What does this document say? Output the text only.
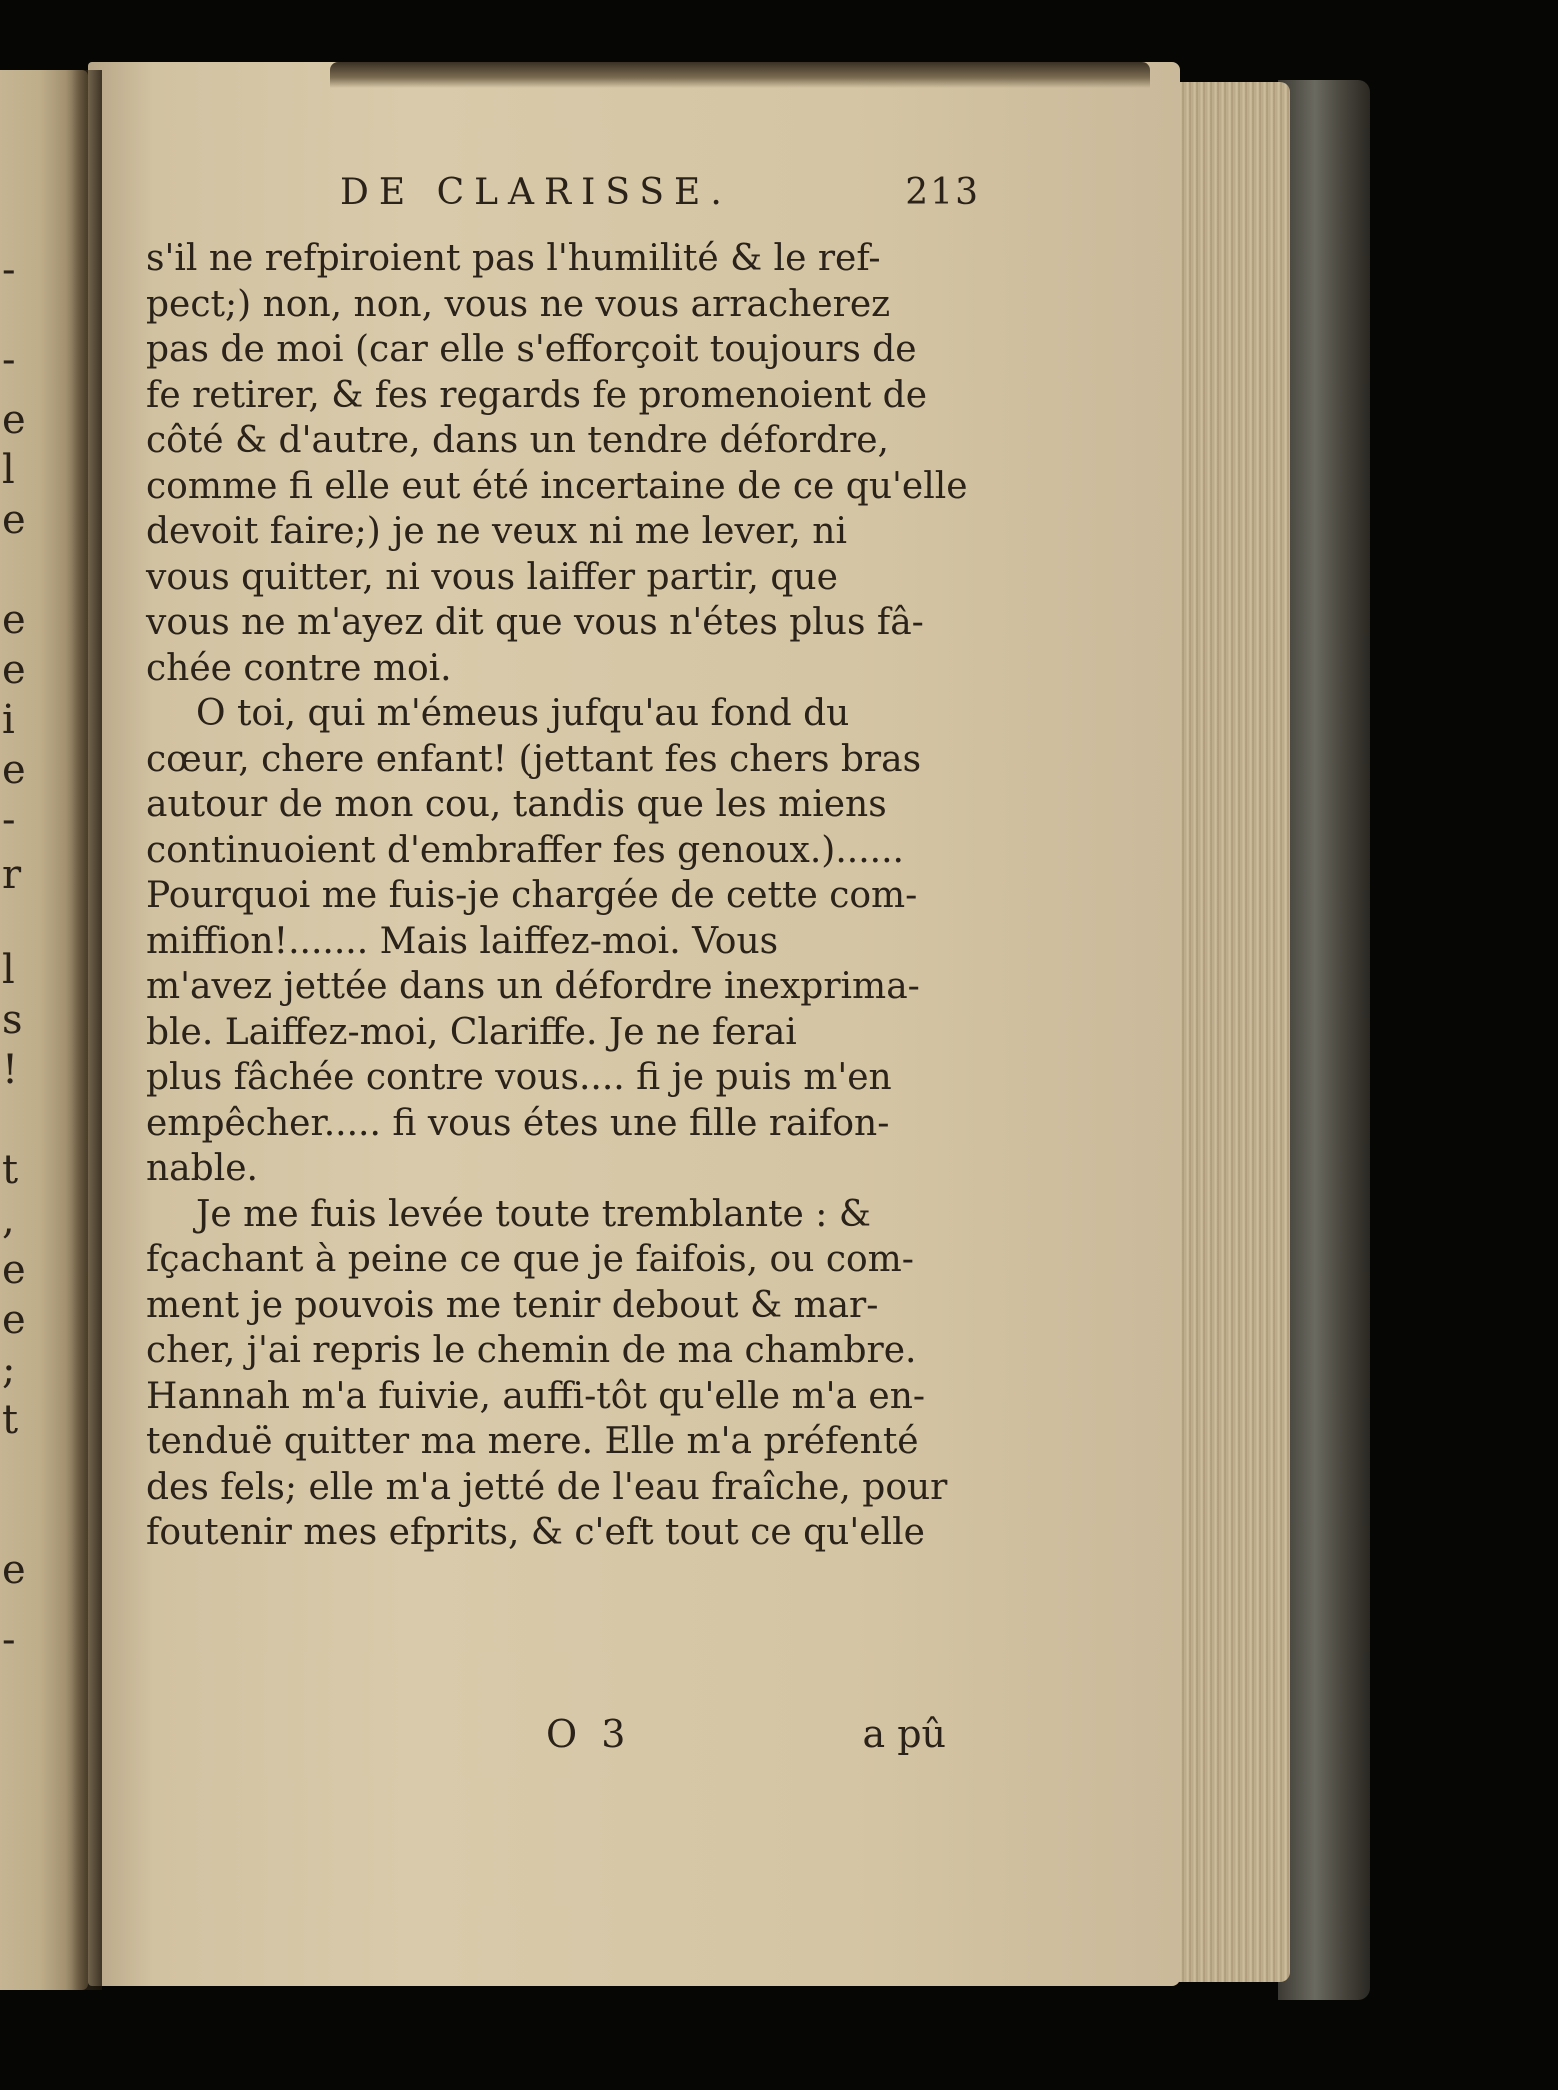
DE CLARISSE.	213
s'il ne refpiroient pas l'humilité & le ref-
pect;) non, non, vous ne vous arracherez
pas de moi (car elle s'efforçoit toujours de
fe retirer, & fes regards fe promenoient de
côté & d'autre, dans un tendre défordre,
comme fi elle eut été incertaine de ce qu'elle
devoit faire;) je ne veux ni me lever, ni
vous quitter, ni vous laiffer partir, que
vous ne m'ayez dit que vous n'étes plus fâ-
chée contre moi.
O toi, qui m'émeus jufqu'au fond du
cœur, chere enfant! (jettant fes chers bras
autour de mon cou, tandis que les miens
continuoient d'embraffer fes genoux.)......
Pourquoi me fuis-je chargée de cette com-
miffion!....... Mais laiffez-moi. Vous
m'avez jettée dans un défordre inexprima-
ble. Laiffez-moi, Clariffe. Je ne ferai
plus fâchée contre vous.... fi je puis m'en
empêcher..... fi vous étes une fille raifon-
nable.
Je me fuis levée toute tremblante : &
fçachant à peine ce que je faifois, ou com-
ment je pouvois me tenir debout & mar-
cher, j'ai repris le chemin de ma chambre.
Hannah m'a fuivie, auffi-tôt qu'elle m'a en-
tenduë quitter ma mere. Elle m'a préfenté
des fels; elle m'a jetté de l'eau fraîche, pour
foutenir mes efprits, & c'eft tout ce qu'elle
O 3	a pû
